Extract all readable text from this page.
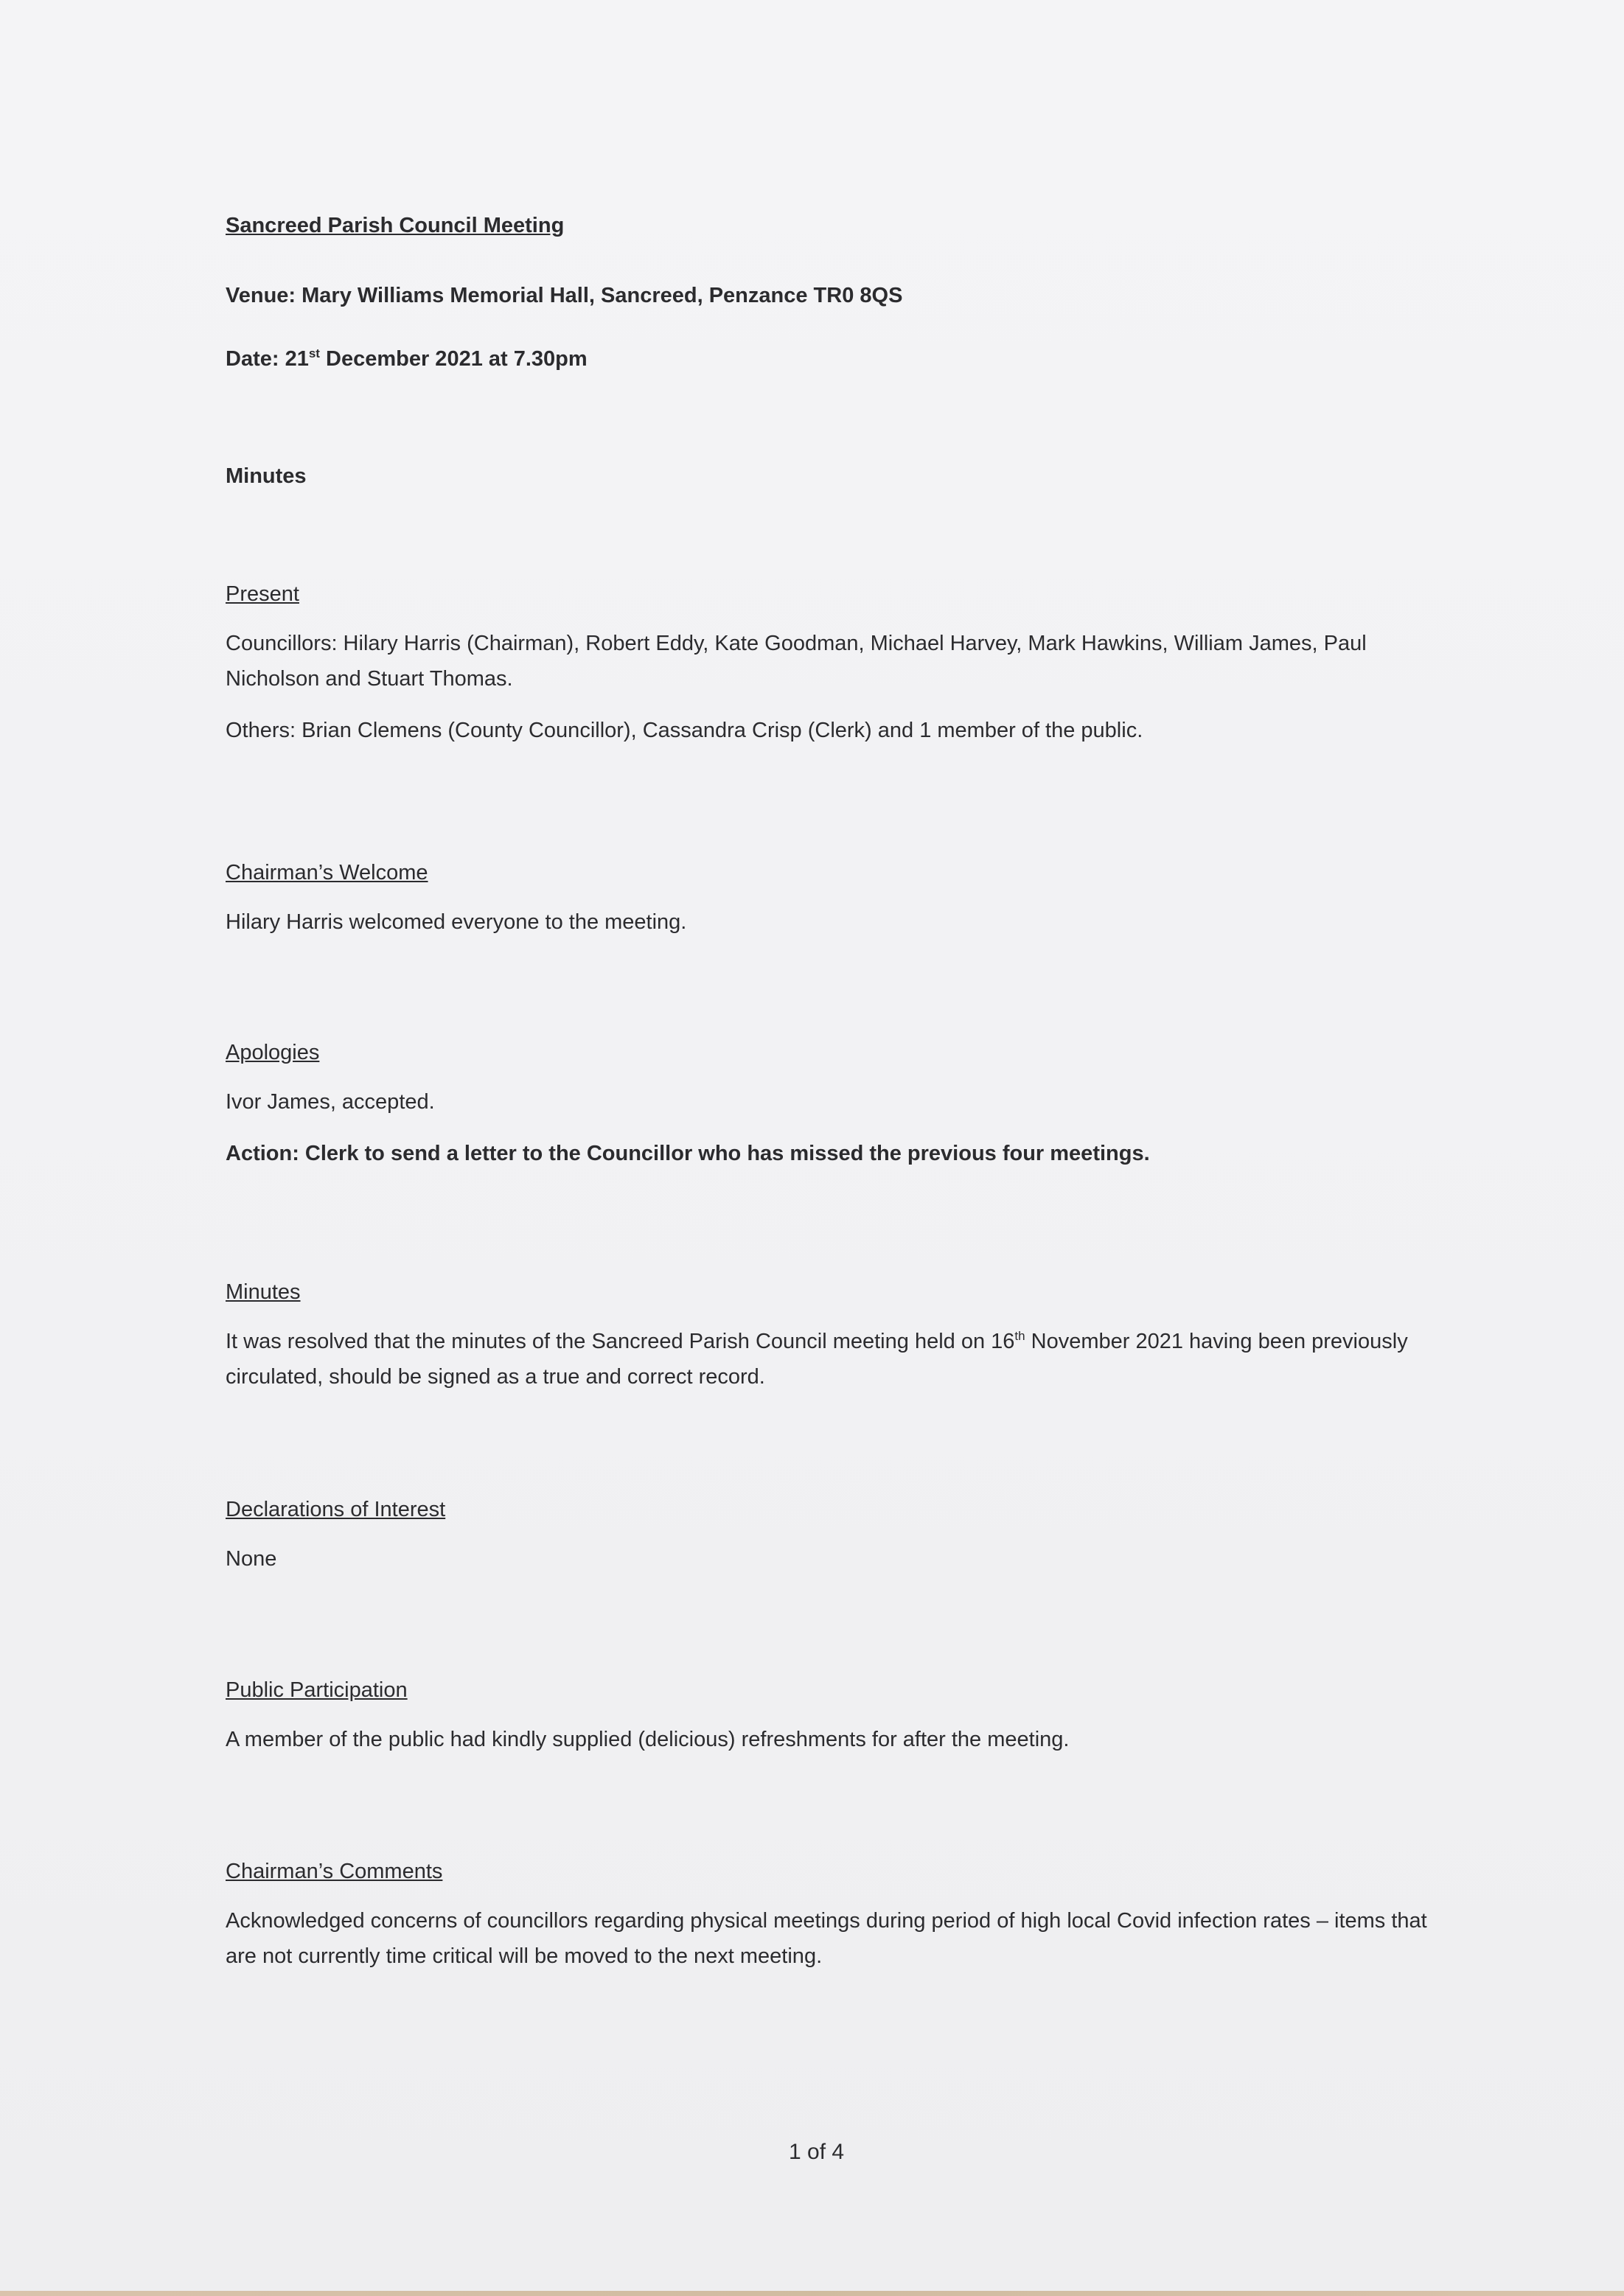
Sancreed Parish Council Meeting
Venue: Mary Williams Memorial Hall, Sancreed, Penzance TR0 8QS
Date: 21st December 2021 at 7.30pm
Minutes
Present

Councillors: Hilary Harris (Chairman), Robert Eddy, Kate Goodman, Michael Harvey, Mark Hawkins, William James, Paul Nicholson and Stuart Thomas.

Others: Brian Clemens (County Councillor), Cassandra Crisp (Clerk) and 1 member of the public.

Chairman’s Welcome

Hilary Harris welcomed everyone to the meeting.

Apologies

Ivor James, accepted.

Action: Clerk to send a letter to the Councillor who has missed the previous four meetings.

Minutes

It was resolved that the minutes of the Sancreed Parish Council meeting held on 16th November 2021 having been previously circulated, should be signed as a true and correct record.

Declarations of Interest

None

Public Participation

A member of the public had kindly supplied (delicious) refreshments for after the meeting.

Chairman’s Comments

Acknowledged concerns of councillors regarding physical meetings during period of high local Covid infection rates – items that are not currently time critical will be moved to the next meeting.

1 of 4
